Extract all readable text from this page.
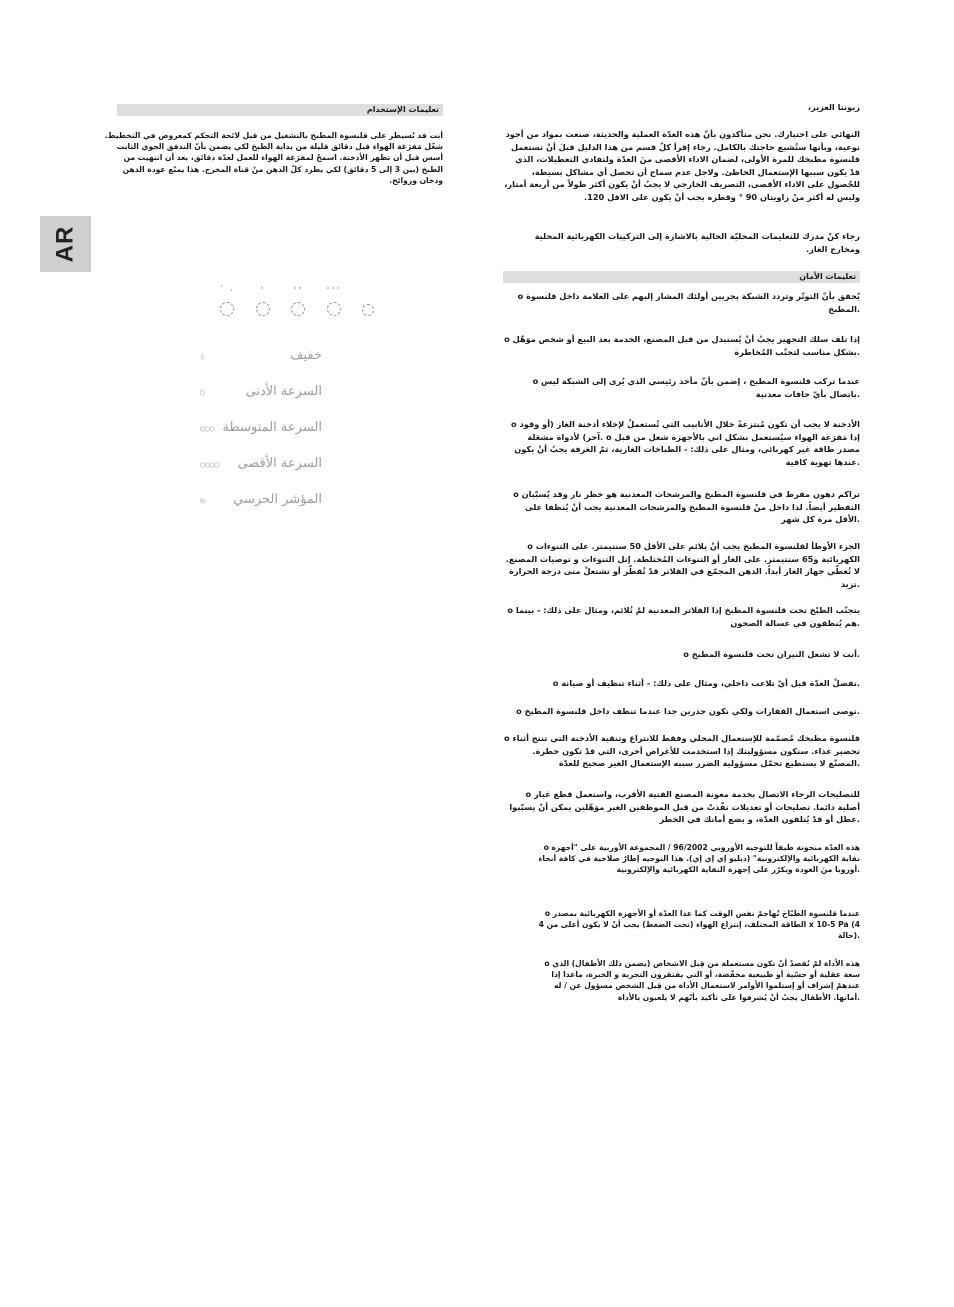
AR
تعليمات الإستخدام

أنت قد تُسيطر على قلنسوة المطبخ بالتشغيل من قبل لائحة التحكم كمعروض في التخطيط. شغّل مَفرَغة الهواء قبل دقائق قليلة من بداية الطبخ لكي يضمن بأنّ التدفق الجوي الثابت أسس قبل أن تظهر الأدخنة. اسمحْ لمفرَغة الهواء للعمل لعدّة دقائق، بعد أن انتهيت من الطبخ (بين 3 إلى 5 دقائق) لكي يطرد كلّ الدهن منْ قناة المخرج. هذا يمنّع عودة الدهن ودخان وروائح.

' ,	∘	∘∘	∘∘∘
▯	خفيف
○	السرعة الأدنى
○○○ السرعة المتوسطة
○○○○	السرعة الأقصى
◎	المؤشر الحرسي

زبوننا العزيز،

النهائي على اختيارك. نحن متأكدون بأنّ هذه العدّة العملية والحديثة، صنعت بمواد من أجود نوعية، وبأنها ستُشبع حاجتك بالكامل. رجاء إقرأ كلّ قسم من هذا الدليل قبلَ أنْ تستعمل قلنسوة مطبخك للمرة الأولى، لضمان الاداء الأقصى منَ العدّة ولتفادي التعطيلات، الذي قدْ يكون سببها الإستعمال الخاطئ. ولاجل عدم سماح أن تحصل أي مشاكل بسيطة، للحُصول على الاداء الأقصى، التصريف الخارجي لا يجبُ أنْ يكون أكثر طولاً من أربعة أمتار، وليس له أكثر منْ زاويتان 90 ° وقطره يجب أنْ يكون على الاقل 120.

رجاء كنْ مدرك للتعليمات المحليّة الحالية بالاشارة إلى التركيبات الكهربائية المحلية ومخارج الغاز.

تعليمات الأمان

o يُحقق بأنّ التوتّر وتردد الشبكة يجريين أولئك المشار إليهم على العلامة داخل قلنسوة المطبخ.

o إذا تلف سلك التجهيز يجبُ أنْ يُستبدل من قبل المصنع، الخدمة بعد البيع أو شخص موَهّل بشكل مناسب لتجنّب المُخاطرة.

o عندما تركب قلنسوة المطبخ ، إضمن بأنّ مأخذ رئيسي الذي يُرى إلى الشبكة ليس باتصال بأيّ حافات معدنية.

o الأدخنة لا يجب أن تكون مُنتزعةً خلال الأنابيب التي تُستعملُ لإخلاء أدخنة الغاز (أو وقود آخر) لأدواة مشعَلة. o إذا مَفرَغة الهواء سيُستعمل بشكل اني بالأجهزة شغل من قبل مصدر طاقة غير كهربائي، ومثال على ذلك: - الطباخات الغازية، ثمّ الغرفة يجبُ أنْ يكون عندها تهوية كافية.

o تراكم دهون مفرط في قلنسوة المطبخ والمرشحات المعدنية هو خطر نار وقد يُسبّبان التقطير أيضاً. لذا داخل منْ قلنسوة المطبخ والمرشحات المعدنية يجب أنْ يُنظفا على الأقل مرة كل شهر.

o الجزء الأوطأ لقلنسوة المطبخ يجب أنْ يلائم على الأقل 50 سنتيمتر. على التنوءات الكهربائية و65 سنتيمتر. على الغاز أو التنوءات المُختلطة. إتل التنوءات و توصيات المصنع. لا تُغطّي جهاز الغاز أبداً. الدهن المجمّع في الفلاتر قدْ تُقطّر أو تشتعلْ متى درجة الحرارة تزيد.

o يتجنّب الطبْخ تحت قلنسوة المطبخ إذا الفلاتر المعدنية لمْ تُلائم، ومثال على ذلك: - بينما هم يُنظفون في غسالة الصحون.

o أنت لا تشعل النيران تحت قلنسوة المطبخ.

o تفصلْ العدّة قبل أيّ تلاعب داخلي، ومثال على ذلك: - أثناء تنظيف أو صيانة.

o توصى استعمال القفازات ولكي تكون حذرين جدا عندما تنظف داخل قلنسوة المطبخ.

o قلنسوة مطبخك مُصمّمة للإستعمال المحلي وفقط للانتزاع وتنقية الأدخنة التي تنتج أثناء تحضير غذاء. ستكون مسؤوليتك إذا استخدمت للأغراض أخرى، التي قدْ تكون خطرة. المصنّع لا يستطيع تحمّل مسؤولية الضرر سببه الإستعمال الغير صحيح للعدّة.

o للتصليحات الرجاء الاتصال بخدمة معونة المصنع الفنية الأقرب، واستعمل قطع غيار أصلية دائما. تصليحات أو تعديلات نفّذتْ من قبل الموظفين الغير موَهّلين يمكن أنْ يسبّبوا عطل أو قدْ يُتلفون العدّة، و يضع أمانك في الخطر.

o هذه العدّة منحوتة طبقاً للتوجيه الأوروبي 96/2002 / المجموعة الأوربية على "أجهزة نفاية الكهربائية والإلكترونية" (دبليو إي إي إي). هذا التوجيه إطارٌ صلاحية في كافة أنحاء أوروبا منَ العودة ويكرّر على إجهزة النفاية الكهربائية والإلكترونية.

o عندما قلنسوة الطبّاخ تُهاجمْ نفس الوقت كما عدا العدّة أو الأجهزة الكهربائية بمصدر الطاقة المختلف، إنتزاع الهواء (تحت الضغط) يجب أنْ لا يكون أعلى من 4 x 10-5 Pa (4 حالة).

o هذه الأداة لمْ تُقصدْ أنْ تكون مستعملة من قِبل الاشخاص (يضمن ذلك الأطفال) الذي سعة عقلية أو حسّية أو طبيعية مخفّضة، أو التي يفتقرون التجربة و الخبرة، ماعدا إذا عندهمْ إشراف أو إستلموا الأوامر لاستعمال الأداة من قِبل الشخص مسؤول عن / له أمانها. الأطفال يجبُ أنْ يُشرفوا على تأكيد بأنّهم لا يلعبون بالأداة.
